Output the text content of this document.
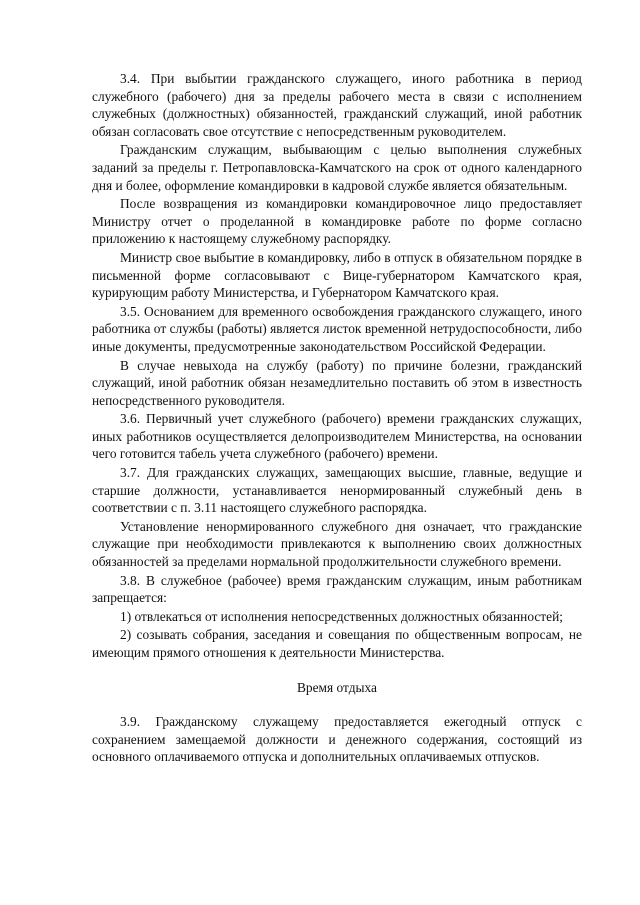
3.4. При выбытии гражданского служащего, иного работника в период служебного (рабочего) дня за пределы рабочего места в связи с исполнением служебных (должностных) обязанностей, гражданский служащий, иной работник обязан согласовать свое отсутствие с непосредственным руководителем.

Гражданским служащим, выбывающим с целью выполнения служебных заданий за пределы г. Петропавловска-Камчатского на срок от одного календарного дня и более, оформление командировки в кадровой службе является обязательным.

После возвращения из командировки командировочное лицо предоставляет Министру отчет о проделанной в командировке работе по форме согласно приложению к настоящему служебному распорядку.

Министр свое выбытие в командировку, либо в отпуск в обязательном порядке в письменной форме согласовывают с Вице-губернатором Камчатского края, курирующим работу Министерства, и Губернатором Камчатского края.

3.5. Основанием для временного освобождения гражданского служащего, иного работника от службы (работы) является листок временной нетрудоспособности, либо иные документы, предусмотренные законодательством Российской Федерации.

В случае невыхода на службу (работу) по причине болезни, гражданский служащий, иной работник обязан незамедлительно поставить об этом в известность непосредственного руководителя.

3.6. Первичный учет служебного (рабочего) времени гражданских служащих, иных работников осуществляется делопроизводителем Министерства, на основании чего готовится табель учета служебного (рабочего) времени.

3.7. Для гражданских служащих, замещающих высшие, главные, ведущие и старшие должности, устанавливается ненормированный служебный день в соответствии с п. 3.11 настоящего служебного распорядка.

Установление ненормированного служебного дня означает, что гражданские служащие при необходимости привлекаются к выполнению своих должностных обязанностей за пределами нормальной продолжительности служебного времени.

3.8. В служебное (рабочее) время гражданским служащим, иным работникам запрещается:

1) отвлекаться от исполнения непосредственных должностных обязанностей;

2) созывать собрания, заседания и совещания по общественным вопросам, не имеющим прямого отношения к деятельности Министерства.

Время отдыха

3.9. Гражданскому служащему предоставляется ежегодный отпуск с сохранением замещаемой должности и денежного содержания, состоящий из основного оплачиваемого отпуска и дополнительных оплачиваемых отпусков.
